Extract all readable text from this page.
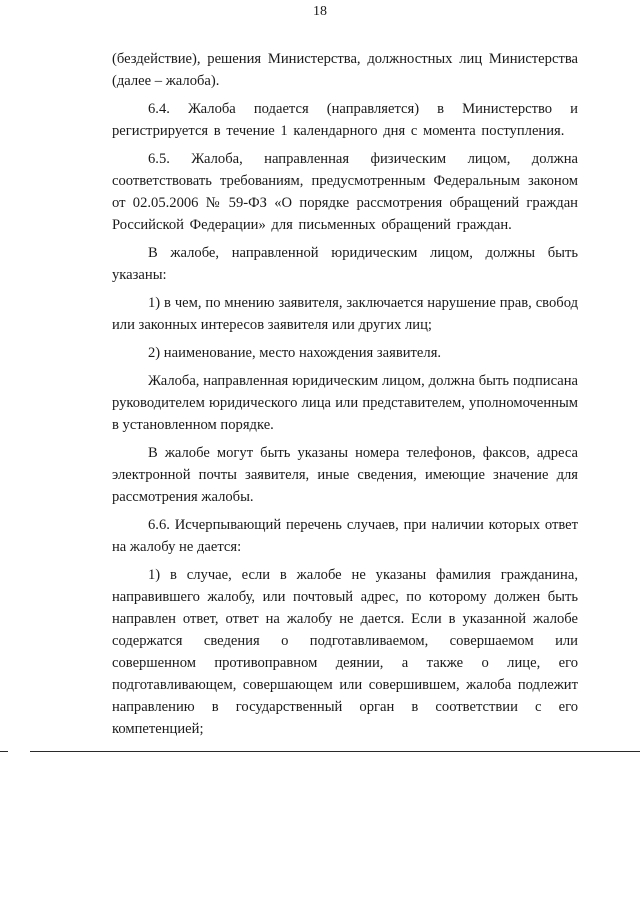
18

(бездействие), решения Министерства, должностных лиц Министерства (далее – жалоба).

6.4. Жалоба подается (направляется) в Министерство и регистрируется в течение 1 календарного дня с момента поступления.

6.5. Жалоба, направленная физическим лицом, должна соответствовать требованиям, предусмотренным Федеральным законом от 02.05.2006 № 59-ФЗ «О порядке рассмотрения обращений граждан Российской Федерации» для письменных обращений граждан.

В жалобе, направленной юридическим лицом, должны быть указаны:

1) в чем, по мнению заявителя, заключается нарушение прав, свобод или законных интересов заявителя или других лиц;

2) наименование, место нахождения заявителя.

Жалоба, направленная юридическим лицом, должна быть подписана руководителем юридического лица или представителем, уполномоченным в установленном порядке.

В жалобе могут быть указаны номера телефонов, факсов, адреса электронной почты заявителя, иные сведения, имеющие значение для рассмотрения жалобы.

6.6. Исчерпывающий перечень случаев, при наличии которых ответ на жалобу не дается:

1) в случае, если в жалобе не указаны фамилия гражданина, направившего жалобу, или почтовый адрес, по которому должен быть направлен ответ, ответ на жалобу не дается. Если в указанной жалобе содержатся сведения о подготавливаемом, совершаемом или совершенном противоправном деянии, а также о лице, его подготавливающем, совершающем или совершившем, жалоба подлежит направлению в государственный орган в соответствии с его компетенцией;
